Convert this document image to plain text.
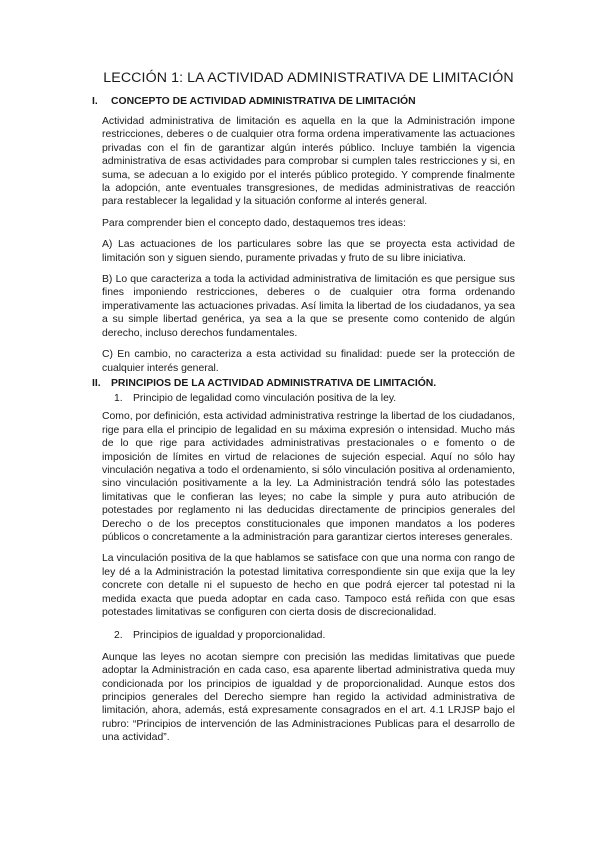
LECCIÓN 1: LA ACTIVIDAD ADMINISTRATIVA DE LIMITACIÓN
I.	CONCEPTO DE ACTIVIDAD ADMINISTRATIVA DE LIMITACIÓN

Actividad administrativa de limitación es aquella en la que la Administración impone restricciones, deberes o de cualquier otra forma ordena imperativamente las actuaciones privadas con el fin de garantizar algún interés público. Incluye también la vigencia administrativa de esas actividades para comprobar si cumplen tales restricciones y si, en suma, se adecuan a lo exigido por el interés público protegido. Y comprende finalmente la adopción, ante eventuales transgresiones, de medidas administrativas de reacción para restablecer la legalidad y la situación conforme al interés general.

Para comprender bien el concepto dado, destaquemos tres ideas:

A) Las actuaciones de los particulares sobre las que se proyecta esta actividad de limitación son y siguen siendo, puramente privadas y fruto de su libre iniciativa.

B) Lo que caracteriza a toda la actividad administrativa de limitación es que persigue sus fines imponiendo restricciones, deberes o de cualquier otra forma ordenando imperativamente las actuaciones privadas. Así limita la libertad de los ciudadanos, ya sea a su simple libertad genérica, ya sea a la que se presente como contenido de algún derecho, incluso derechos fundamentales.

C) En cambio, no caracteriza a esta actividad su finalidad: puede ser la protección de cualquier interés general.

II. PRINCIPIOS DE LA ACTIVIDAD ADMINISTRATIVA DE LIMITACIÓN.
1. Principio de legalidad como vinculación positiva de la ley.

Como, por definición, esta actividad administrativa restringe la libertad de los ciudadanos, rige para ella el principio de legalidad en su máxima expresión o intensidad. Mucho más de lo que rige para actividades administrativas prestacionales o e fomento o de imposición de límites en virtud de relaciones de sujeción especial. Aquí no sólo hay vinculación negativa a todo el ordenamiento, si sólo vinculación positiva al ordenamiento, sino vinculación positivamente a la ley. La Administración tendrá sólo las potestades limitativas que le confieran las leyes; no cabe la simple y pura auto atribución de potestades por reglamento ni las deducidas directamente de principios generales del Derecho o de los preceptos constitucionales que imponen mandatos a los poderes públicos o concretamente a la administración para garantizar ciertos intereses generales.

La vinculación positiva de la que hablamos se satisface con que una norma con rango de ley dé a la Administración la potestad limitativa correspondiente sin que exija que la ley concrete con detalle ni el supuesto de hecho en que podrá ejercer tal potestad ni la medida exacta que pueda adoptar en cada caso. Tampoco está reñida con que esas potestades limitativas se configuren con cierta dosis de discrecionalidad.

2. Principios de igualdad y proporcionalidad.

Aunque las leyes no acotan siempre con precisión las medidas limitativas que puede adoptar la Administración en cada caso, esa aparente libertad administrativa queda muy condicionada por los principios de igualdad y de proporcionalidad. Aunque estos dos principios generales del Derecho siempre han regido la actividad administrativa de limitación, ahora, además, está expresamente consagrados en el art. 4.1 LRJSP bajo el rubro: “Principios de intervención de las Administraciones Publicas para el desarrollo de una actividad”.
